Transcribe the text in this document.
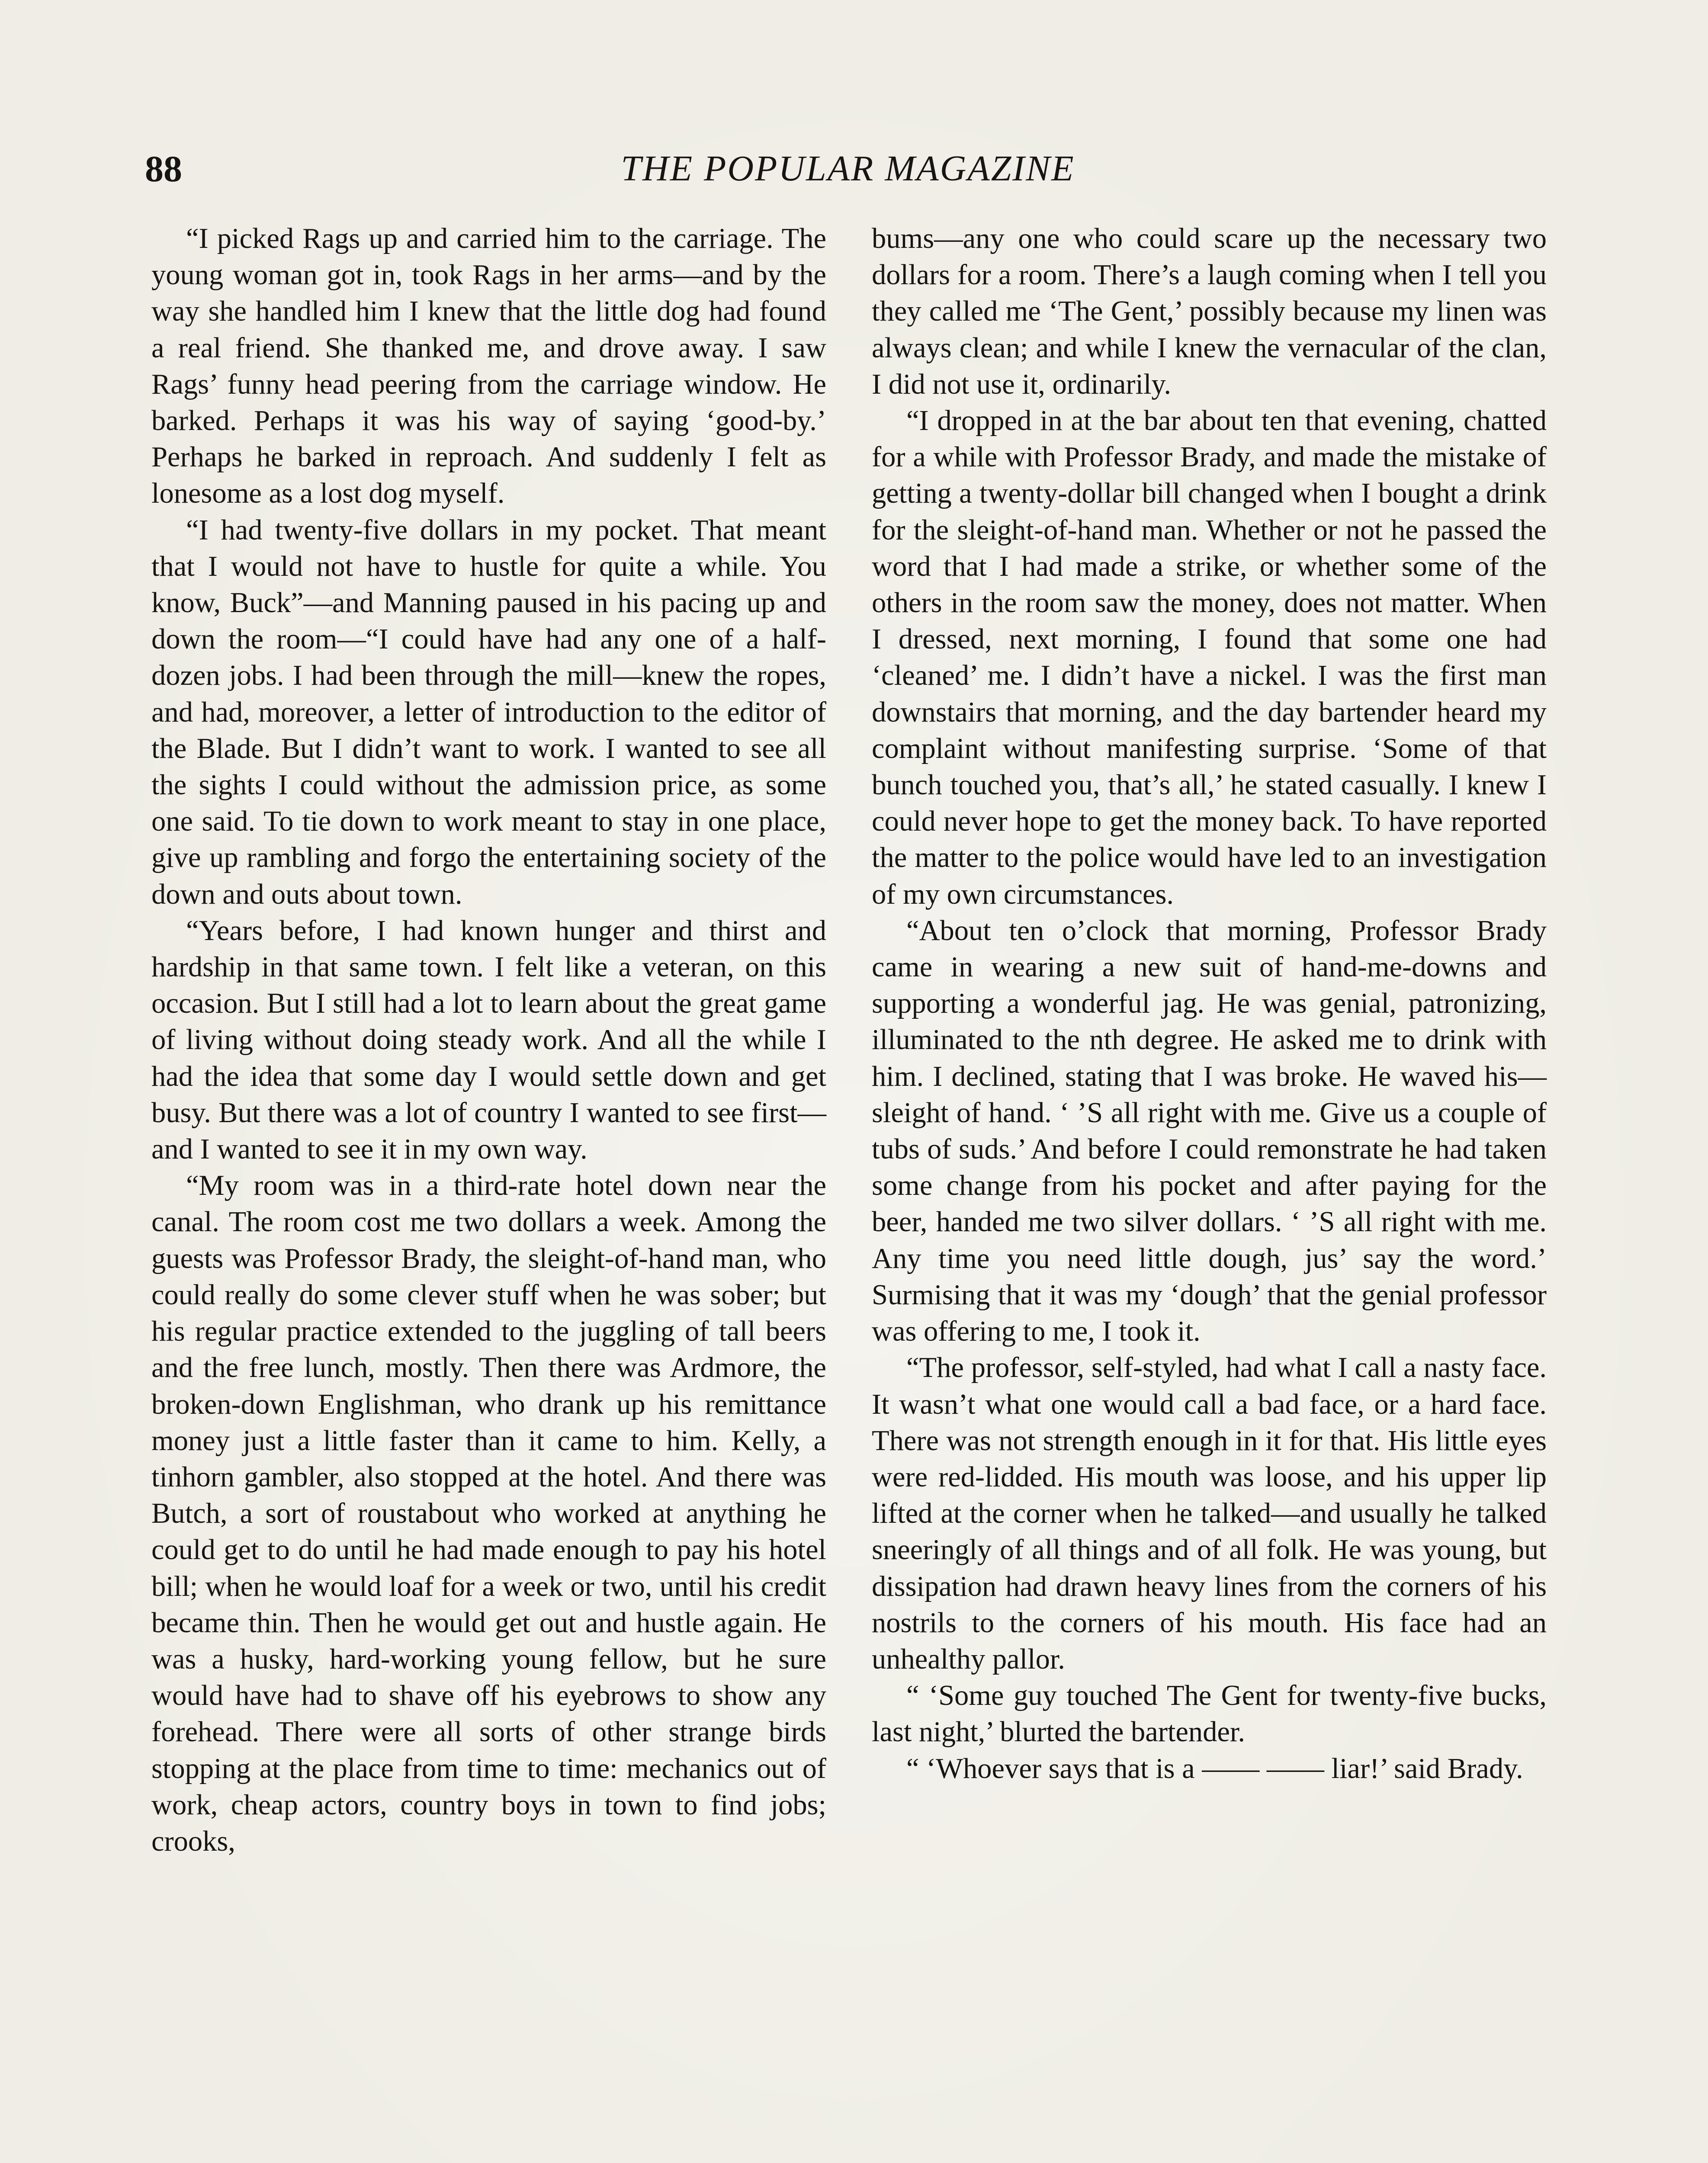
88	THE POPULAR MAGAZINE

“I picked Rags up and carried him to the carriage. The young woman got in, took Rags in her arms—and by the way she handled him I knew that the little dog had found a real friend. She thanked me, and drove away. I saw Rags’ funny head peering from the carriage window. He barked. Perhaps it was his way of saying ‘good-by.’ Perhaps he barked in reproach. And suddenly I felt as lonesome as a lost dog myself.

“I had twenty-five dollars in my pocket. That meant that I would not have to hustle for quite a while. You know, Buck”—and Manning paused in his pacing up and down the room—“I could have had any one of a half-dozen jobs. I had been through the mill—knew the ropes, and had, moreover, a letter of introduction to the editor of the Blade. But I didn’t want to work. I wanted to see all the sights I could without the admission price, as some one said. To tie down to work meant to stay in one place, give up rambling and forgo the entertaining society of the down and outs about town.

“Years before, I had known hunger and thirst and hardship in that same town. I felt like a veteran, on this occasion. But I still had a lot to learn about the great game of living without doing steady work. And all the while I had the idea that some day I would settle down and get busy. But there was a lot of country I wanted to see first—and I wanted to see it in my own way.

“My room was in a third-rate hotel down near the canal. The room cost me two dollars a week. Among the guests was Professor Brady, the sleight-of-hand man, who could really do some clever stuff when he was sober; but his regular practice extended to the juggling of tall beers and the free lunch, mostly. Then there was Ardmore, the broken-down Englishman, who drank up his remittance money just a little faster than it came to him. Kelly, a tinhorn gambler, also stopped at the hotel. And there was Butch, a sort of roustabout who worked at anything he could get to do until he had made enough to pay his hotel bill; when he would loaf for a week or two, until his credit became thin. Then he would get out and hustle again. He was a husky, hard-working young fellow, but he sure would have had to shave off his eyebrows to show any forehead. There were all sorts of other strange birds stopping at the place from time to time: mechanics out of work, cheap actors, country boys in town to find jobs; crooks,

bums—any one who could scare up the necessary two dollars for a room. There’s a laugh coming when I tell you they called me ‘The Gent,’ possibly because my linen was always clean; and while I knew the vernacular of the clan, I did not use it, ordinarily.

“I dropped in at the bar about ten that evening, chatted for a while with Professor Brady, and made the mistake of getting a twenty-dollar bill changed when I bought a drink for the sleight-of-hand man. Whether or not he passed the word that I had made a strike, or whether some of the others in the room saw the money, does not matter. When I dressed, next morning, I found that some one had ‘cleaned’ me. I didn’t have a nickel. I was the first man downstairs that morning, and the day bartender heard my complaint without manifesting surprise. ‘Some of that bunch touched you, that’s all,’ he stated casually. I knew I could never hope to get the money back. To have reported the matter to the police would have led to an investigation of my own circumstances.

“About ten o’clock that morning, Professor Brady came in wearing a new suit of hand-me-downs and supporting a wonderful jag. He was genial, patronizing, illuminated to the nth degree. He asked me to drink with him. I declined, stating that I was broke. He waved his—sleight of hand. ‘ ’S all right with me. Give us a couple of tubs of suds.’ And before I could remonstrate he had taken some change from his pocket and after paying for the beer, handed me two silver dollars. ‘ ’S all right with me. Any time you need little dough, jus’ say the word.’ Surmising that it was my ‘dough’ that the genial professor was offering to me, I took it.

“The professor, self-styled, had what I call a nasty face. It wasn’t what one would call a bad face, or a hard face. There was not strength enough in it for that. His little eyes were red-lidded. His mouth was loose, and his upper lip lifted at the corner when he talked—and usually he talked sneeringly of all things and of all folk. He was young, but dissipation had drawn heavy lines from the corners of his nostrils to the corners of his mouth. His face had an unhealthy pallor.

“ ‘Some guy touched The Gent for twenty-five bucks, last night,’ blurted the bartender.

“ ‘Whoever says that is a —— —— liar!’ said Brady.
